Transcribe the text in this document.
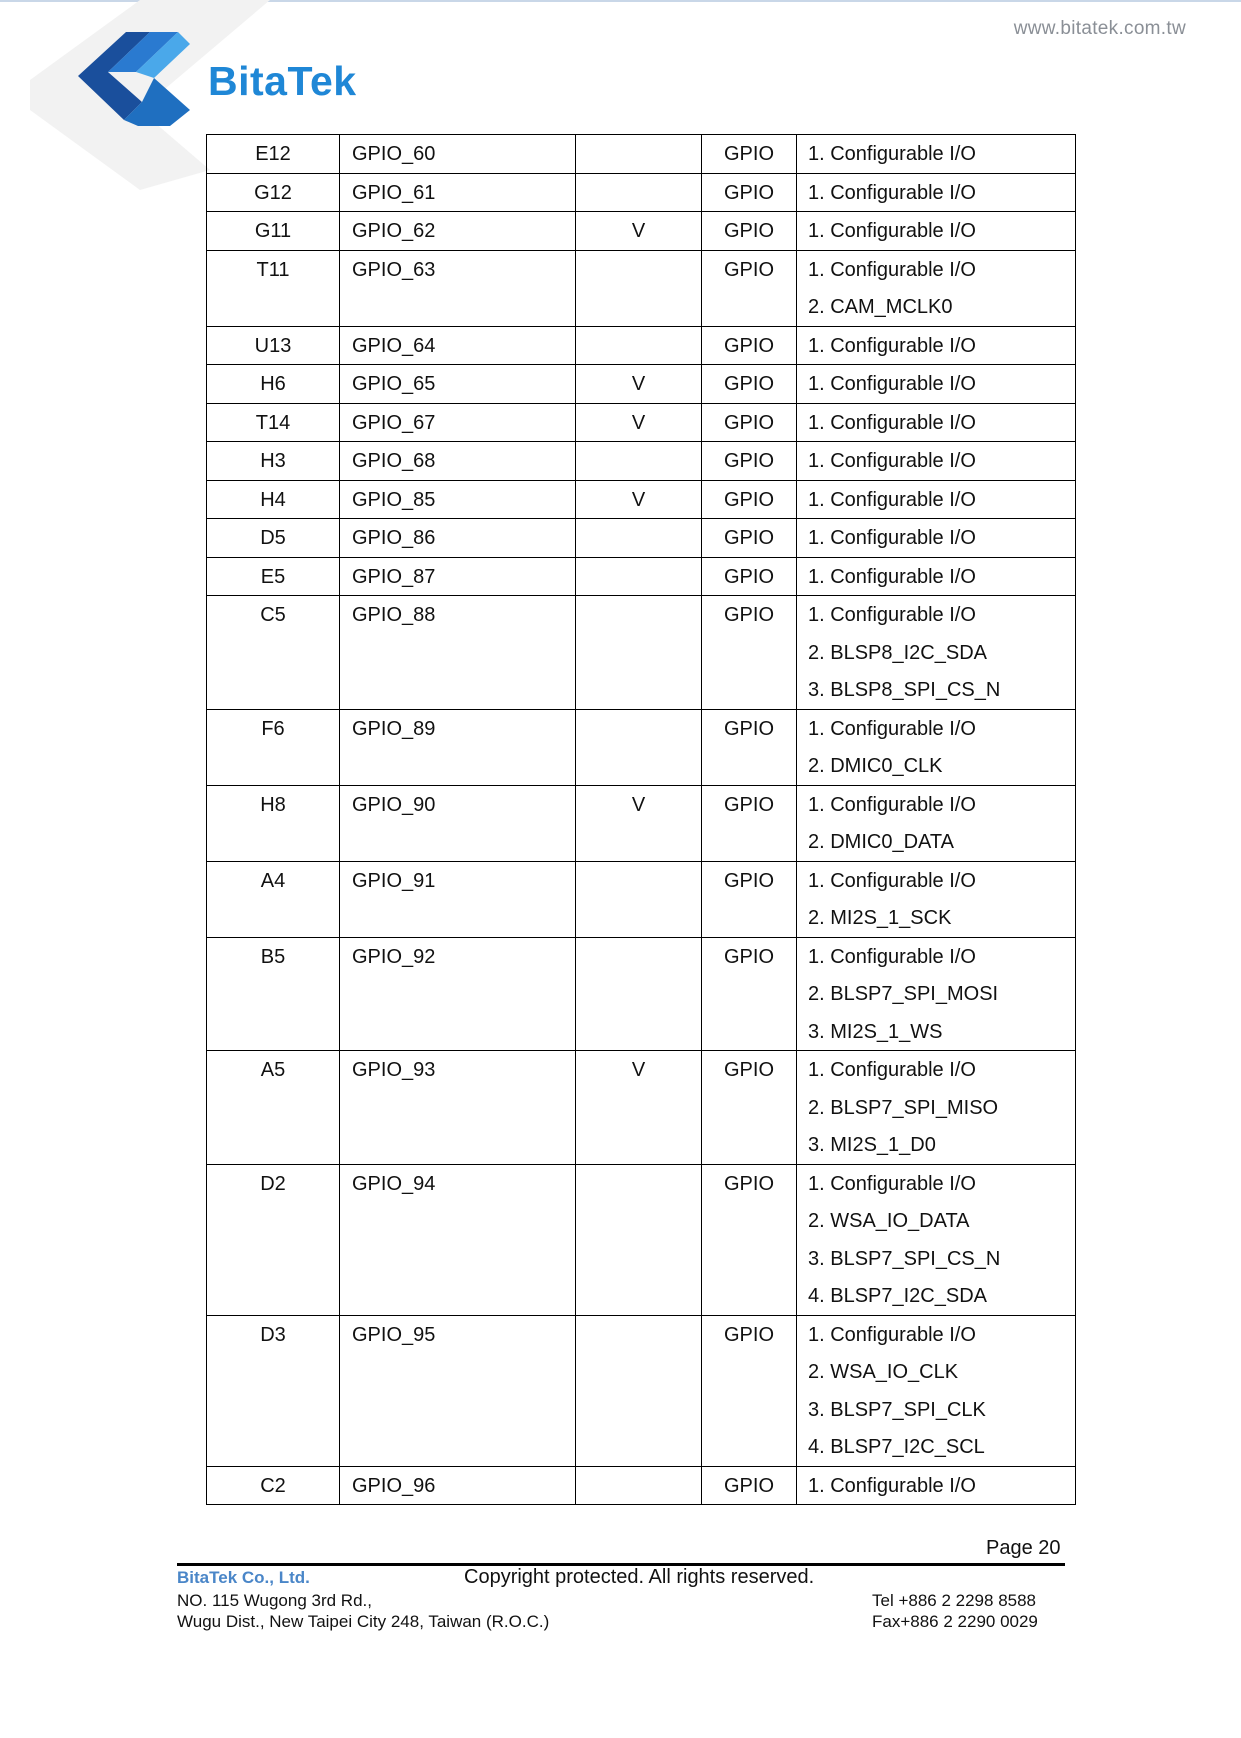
BitaTek
www.bitatek.com.tw
E12	GPIO_60		GPIO	1. Configurable I/O

G12	GPIO_61		GPIO	1. Configurable I/O

G11	GPIO_62	V	GPIO	1. Configurable I/O

T11	GPIO_63		GPIO	1. Configurable I/O
2. CAM_MCLK0

U13	GPIO_64		GPIO	1. Configurable I/O

H6	GPIO_65	V	GPIO	1. Configurable I/O

T14	GPIO_67	V	GPIO	1. Configurable I/O

H3	GPIO_68		GPIO	1. Configurable I/O

H4	GPIO_85	V	GPIO	1. Configurable I/O

D5	GPIO_86		GPIO	1. Configurable I/O

E5	GPIO_87		GPIO	1. Configurable I/O

C5	GPIO_88		GPIO	1. Configurable I/O
2. BLSP8_I2C_SDA
3. BLSP8_SPI_CS_N

F6	GPIO_89		GPIO	1. Configurable I/O
2. DMIC0_CLK

H8	GPIO_90	V	GPIO	1. Configurable I/O
2. DMIC0_DATA

A4	GPIO_91		GPIO	1. Configurable I/O
2. MI2S_1_SCK

B5	GPIO_92		GPIO	1. Configurable I/O
2. BLSP7_SPI_MOSI
3. MI2S_1_WS

A5	GPIO_93	V	GPIO	1. Configurable I/O
2. BLSP7_SPI_MISO
3. MI2S_1_D0

D2	GPIO_94		GPIO	1. Configurable I/O
2. WSA_IO_DATA
3. BLSP7_SPI_CS_N
4. BLSP7_I2C_SDA

D3	GPIO_95		GPIO	1. Configurable I/O
2. WSA_IO_CLK
3. BLSP7_SPI_CLK
4. BLSP7_I2C_SCL

C2	GPIO_96		GPIO	1. Configurable I/O
Page 20
BitaTek Co., Ltd.	Copyright protected. All rights reserved.
NO. 115 Wugong 3rd Rd.,
Wugu Dist., New Taipei City 248, Taiwan (R.O.C.)
Tel +886 2 2298 8588
Fax+886 2 2290 0029
